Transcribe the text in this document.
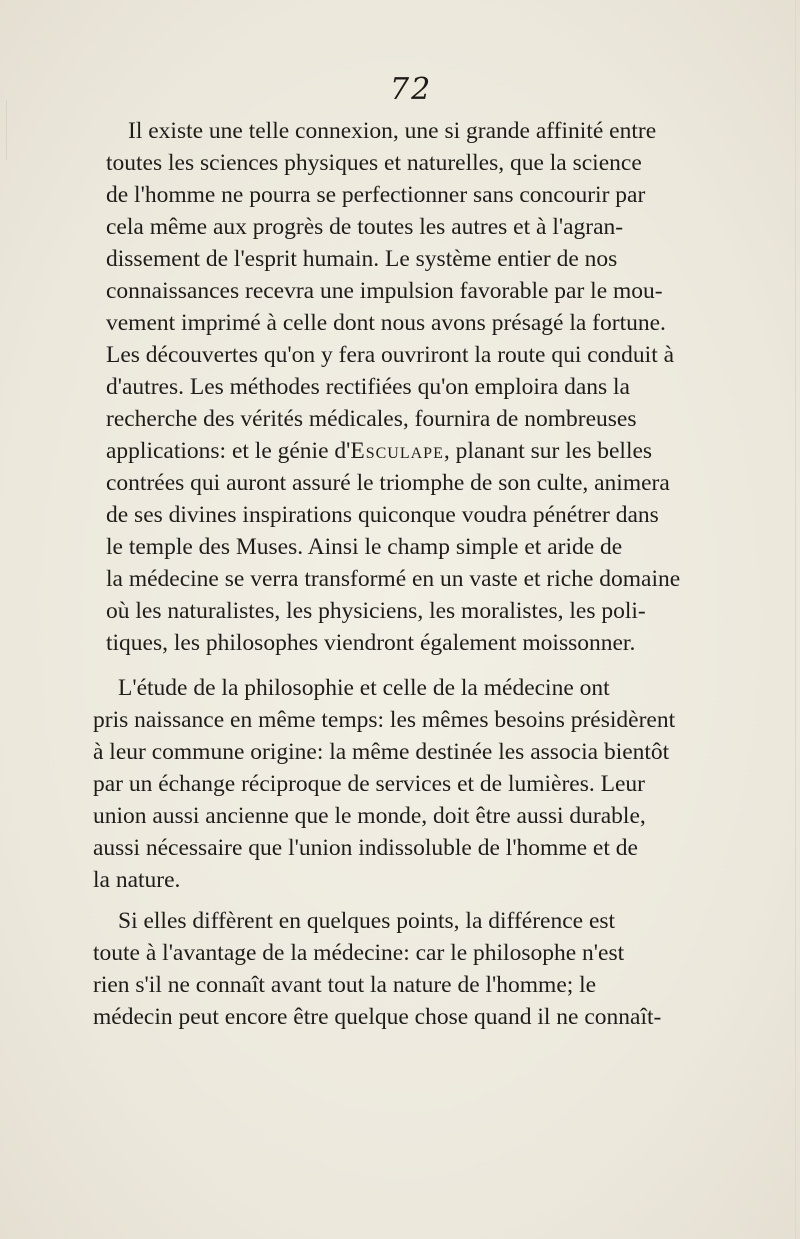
72
Il existe une telle connexion, une si grande affinité entre
toutes les sciences physiques et naturelles, que la science
de l'homme ne pourra se perfectionner sans concourir par
cela même aux progrès de toutes les autres et à l'agran-
dissement de l'esprit humain. Le système entier de nos
connaissances recevra une impulsion favorable par le mou-
vement imprimé à celle dont nous avons présagé la fortune.
Les découvertes qu'on y fera ouvriront la route qui conduit à
d'autres. Les méthodes rectifiées qu'on emploira dans la
recherche des vérités médicales, fournira de nombreuses
applications: et le génie d'Esculape, planant sur les belles
contrées qui auront assuré le triomphe de son culte, animera
de ses divines inspirations quiconque voudra pénétrer dans
le temple des Muses. Ainsi le champ simple et aride de
la médecine se verra transformé en un vaste et riche domaine
où les naturalistes, les physiciens, les moralistes, les poli-
tiques, les philosophes viendront également moissonner.
L'étude de la philosophie et celle de la médecine ont
pris naissance en même temps: les mêmes besoins présidèrent
à leur commune origine: la même destinée les associa bientôt
par un échange réciproque de services et de lumières. Leur
union aussi ancienne que le monde, doit être aussi durable,
aussi nécessaire que l'union indissoluble de l'homme et de
la nature.
Si elles diffèrent en quelques points, la différence est
toute à l'avantage de la médecine: car le philosophe n'est
rien s'il ne connaît avant tout la nature de l'homme; le
médecin peut encore être quelque chose quand il ne connaît-
